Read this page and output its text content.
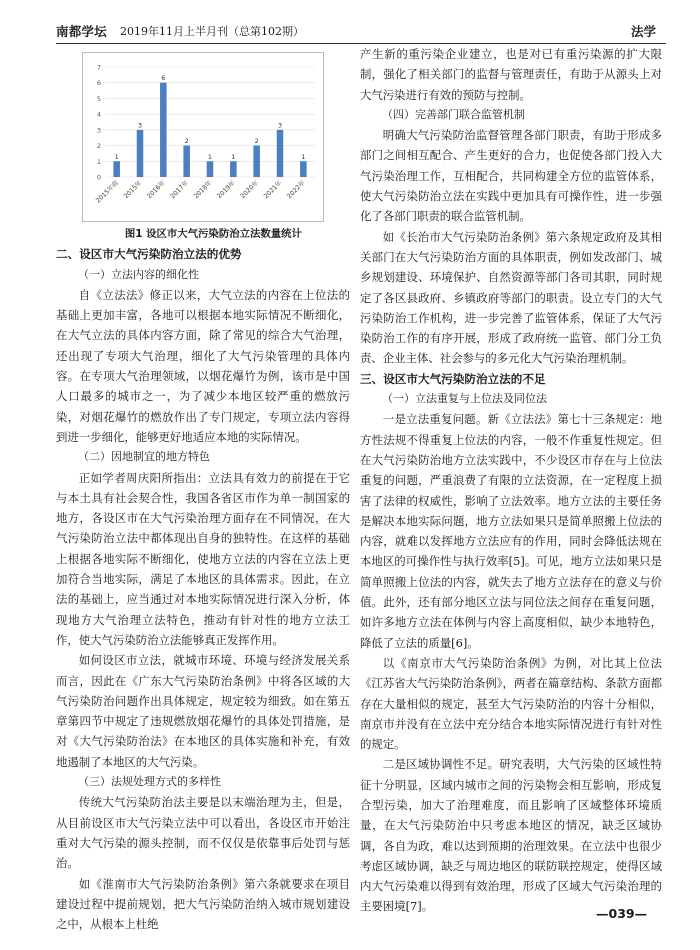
南都学坛 2019年11月上半月刊（总第102期）	法学
0
1
2
3
4
5
6
7
1
2015年前
3
2015年
6
2016年
2
2017年
1
2018年
1
2019年
2
2020年
3
2021年
1
2022年

图1 设区市大气污染防治立法数量统计

二、设区市大气污染防治立法的优势

（一）立法内容的细化性

自《立法法》修正以来，大气立法的内容在上位法的基础上更加丰富，各地可以根据本地实际情况不断细化，在大气立法的具体内容方面，除了常见的综合大气治理，还出现了专项大气治理，细化了大气污染管理的具体内容。在专项大气治理领域，以烟花爆竹为例，该市是中国人口最多的城市之一，为了减少本地区较严重的燃放污染，对烟花爆竹的燃放作出了专门规定，专项立法内容得到进一步细化，能够更好地适应本地的实际情况。

（二）因地制宜的地方特色

正如学者周庆阳所指出：立法具有效力的前提在于它与本土具有社会契合性，我国各省区市作为单一制国家的地方，各设区市在大气污染治理方面存在不同情况，在大气污染防治立法中都体现出自身的独特性。在这样的基础上根据各地实际不断细化，使地方立法的内容在立法上更加符合当地实际，满足了本地区的具体需求。因此，在立法的基础上，应当通过对本地实际情况进行深入分析，体现地方大气治理立法特色，推动有针对性的地方立法工作，使大气污染防治立法能够真正发挥作用。

如何设区市立法，就城市环境、环境与经济发展关系而言，因此在《广东大气污染防治条例》中将各区域的大气污染防治问题作出具体规定，规定较为细致。如在第五章第四节中规定了违规燃放烟花爆竹的具体处罚措施，是对《大气污染防治法》在本地区的具体实施和补充，有效地遏制了本地区的大气污染。

（三）法规处理方式的多样性

传统大气污染防治法主要是以末端治理为主，但是，从目前设区市大气污染立法中可以看出，各设区市开始注重对大气污染的源头控制，而不仅仅是依靠事后处罚与惩治。

如《淮南市大气污染防治条例》第六条就要求在项目建设过程中提前规划，把大气污染防治纳入城市规划建设之中，从根本上杜绝

产生新的重污染企业建立，也是对已有重污染源的扩大限制，强化了相关部门的监督与管理责任，有助于从源头上对大气污染进行有效的预防与控制。

（四）完善部门联合监管机制

明确大气污染防治监督管理各部门职责，有助于形成多部门之间相互配合、产生更好的合力，也促使各部门投入大气污染治理工作，互相配合，共同构建全方位的监管体系，使大气污染防治立法在实践中更加具有可操作性，进一步强化了各部门职责的联合监管机制。

如《长治市大气污染防治条例》第六条规定政府及其相关部门在大气污染防治方面的具体职责，例如发改部门、城乡规划建设、环境保护、自然资源等部门各司其职，同时规定了各区县政府、乡镇政府等部门的职责。设立专门的大气污染防治工作机构，进一步完善了监管体系，保证了大气污染防治工作的有序开展，形成了政府统一监管、部门分工负责、企业主体、社会参与的多元化大气污染治理机制。

三、设区市大气污染防治立法的不足

（一）立法重复与上位法及同位法

一是立法重复问题。新《立法法》第七十三条规定：地方性法规不得重复上位法的内容，一般不作重复性规定。但在大气污染防治地方立法实践中，不少设区市存在与上位法重复的问题，严重浪费了有限的立法资源，在一定程度上损害了法律的权威性，影响了立法效率。地方立法的主要任务是解决本地实际问题，地方立法如果只是简单照搬上位法的内容，就难以发挥地方立法应有的作用，同时会降低法规在本地区的可操作性与执行效率[5]。可见，地方立法如果只是简单照搬上位法的内容，就失去了地方立法存在的意义与价值。此外，还有部分地区立法与同位法之间存在重复问题，如许多地方立法在体例与内容上高度相似，缺少本地特色，降低了立法的质量[6]。

以《南京市大气污染防治条例》为例，对比其上位法《江苏省大气污染防治条例》，两者在篇章结构、条款方面都存在大量相似的规定，甚至大气污染防治的内容十分相似，南京市并没有在立法中充分结合本地实际情况进行有针对性的规定。

二是区域协调性不足。研究表明，大气污染的区域性特征十分明显，区域内城市之间的污染物会相互影响，形成复合型污染，加大了治理难度，而且影响了区域整体环境质量，在大气污染防治中只考虑本地区的情况，缺乏区域协调，各自为政，难以达到预期的治理效果。在立法中也很少考虑区域协调，缺乏与周边地区的联防联控规定，使得区域内大气污染难以得到有效治理，形成了区域大气污染治理的主要困境[7]。	—039—
